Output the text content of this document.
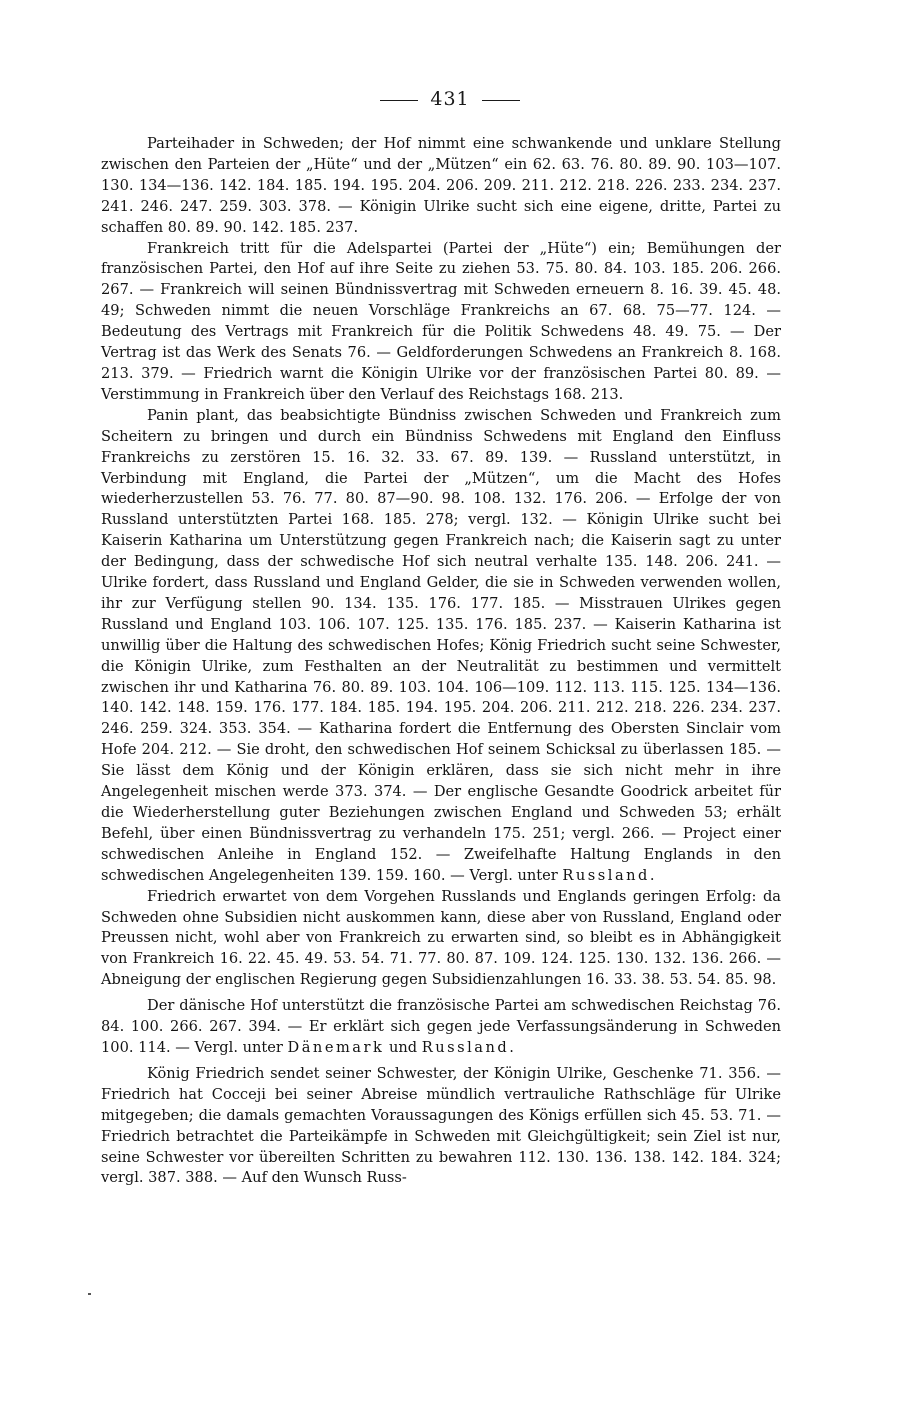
431

Parteihader in Schweden; der Hof nimmt eine schwankende und unklare Stellung zwischen den Parteien der „Hüte“ und der „Mützen“ ein 62. 63. 76. 80. 89. 90. 103—107. 130. 134—136. 142. 184. 185. 194. 195. 204. 206. 209. 211. 212. 218. 226. 233. 234. 237. 241. 246. 247. 259. 303. 378. — Königin Ulrike sucht sich eine eigene, dritte, Partei zu schaffen 80. 89. 90. 142. 185. 237.

Frankreich tritt für die Adelspartei (Partei der „Hüte“) ein; Bemühungen der französischen Partei, den Hof auf ihre Seite zu ziehen 53. 75. 80. 84. 103. 185. 206. 266. 267. — Frankreich will seinen Bündnissvertrag mit Schweden erneuern 8. 16. 39. 45. 48. 49; Schweden nimmt die neuen Vorschläge Frankreichs an 67. 68. 75—77. 124. — Bedeutung des Vertrags mit Frankreich für die Politik Schwedens 48. 49. 75. — Der Vertrag ist das Werk des Senats 76. — Geldforderungen Schwedens an Frankreich 8. 168. 213. 379. — Friedrich warnt die Königin Ulrike vor der französischen Partei 80. 89. — Verstimmung in Frankreich über den Verlauf des Reichstags 168. 213.

Panin plant, das beabsichtigte Bündniss zwischen Schweden und Frankreich zum Scheitern zu bringen und durch ein Bündniss Schwedens mit England den Einfluss Frankreichs zu zerstören 15. 16. 32. 33. 67. 89. 139. — Russland unterstützt, in Verbindung mit England, die Partei der „Mützen“, um die Macht des Hofes wiederherzustellen 53. 76. 77. 80. 87—90. 98. 108. 132. 176. 206. — Erfolge der von Russland unterstützten Partei 168. 185. 278; vergl. 132. — Königin Ulrike sucht bei Kaiserin Katharina um Unterstützung gegen Frankreich nach; die Kaiserin sagt zu unter der Bedingung, dass der schwedische Hof sich neutral verhalte 135. 148. 206. 241. — Ulrike fordert, dass Russland und England Gelder, die sie in Schweden verwenden wollen, ihr zur Verfügung stellen 90. 134. 135. 176. 177. 185. — Misstrauen Ulrikes gegen Russland und England 103. 106. 107. 125. 135. 176. 185. 237. — Kaiserin Katharina ist unwillig über die Haltung des schwedischen Hofes; König Friedrich sucht seine Schwester, die Königin Ulrike, zum Festhalten an der Neutralität zu bestimmen und vermittelt zwischen ihr und Katharina 76. 80. 89. 103. 104. 106—109. 112. 113. 115. 125. 134—136. 140. 142. 148. 159. 176. 177. 184. 185. 194. 195. 204. 206. 211. 212. 218. 226. 234. 237. 246. 259. 324. 353. 354. — Katharina fordert die Entfernung des Obersten Sinclair vom Hofe 204. 212. — Sie droht, den schwedischen Hof seinem Schicksal zu überlassen 185. — Sie lässt dem König und der Königin erklären, dass sie sich nicht mehr in ihre Angelegenheit mischen werde 373. 374. — Der englische Gesandte Goodrick arbeitet für die Wiederherstellung guter Beziehungen zwischen England und Schweden 53; erhält Befehl, über einen Bündnissvertrag zu verhandeln 175. 251; vergl. 266. — Project einer schwedischen Anleihe in England 152. — Zweifelhafte Haltung Englands in den schwedischen Angelegenheiten 139. 159. 160. — Vergl. unter Russland.

Friedrich erwartet von dem Vorgehen Russlands und Englands geringen Erfolg: da Schweden ohne Subsidien nicht auskommen kann, diese aber von Russland, England oder Preussen nicht, wohl aber von Frankreich zu erwarten sind, so bleibt es in Abhängigkeit von Frankreich 16. 22. 45. 49. 53. 54. 71. 77. 80. 87. 109. 124. 125. 130. 132. 136. 266. — Abneigung der englischen Regierung gegen Subsidienzahlungen 16. 33. 38. 53. 54. 85. 98.

Der dänische Hof unterstützt die französische Partei am schwedischen Reichstag 76. 84. 100. 266. 267. 394. — Er erklärt sich gegen jede Verfassungsänderung in Schweden 100. 114. — Vergl. unter Dänemark und Russland.

König Friedrich sendet seiner Schwester, der Königin Ulrike, Geschenke 71. 356. — Friedrich hat Cocceji bei seiner Abreise mündlich vertrauliche Rathschläge für Ulrike mitgegeben; die damals gemachten Voraussagungen des Königs erfüllen sich 45. 53. 71. — Friedrich betrachtet die Parteikämpfe in Schweden mit Gleichgültigkeit; sein Ziel ist nur, seine Schwester vor übereilten Schritten zu bewahren 112. 130. 136. 138. 142. 184. 324; vergl. 387. 388. — Auf den Wunsch Russ-
